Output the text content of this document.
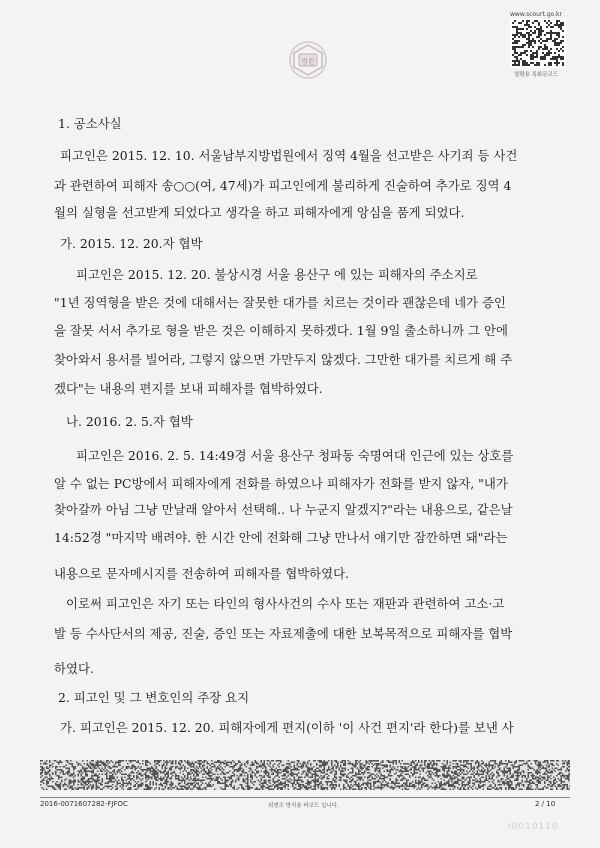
법원
www.scourt.go.kr
열람용 특화문코드
1. 공소사실
피고인은 2015. 12. 10. 서울남부지방법원에서 징역 4월을 선고받은 사기죄 등 사건
과 관련하여 피해자 송○○(여, 47세)가 피고인에게 불리하게 진술하여 추가로 징역 4
월의 실형을 선고받게 되었다고 생각을 하고 피해자에게 앙심을 품게 되었다.
가. 2015. 12. 20.자 협박
피고인은 2015. 12. 20. 불상시경 서울 용산구 에 있는 피해자의 주소지로
"1년 징역형을 받은 것에 대해서는 잘못한 대가를 치르는 것이라 괜찮은데 네가 증인
을 잘못 서서 추가로 형을 받은 것은 이해하지 못하겠다. 1월 9일 출소하니까 그 안에
찾아와서 용서를 빌어라, 그렇지 않으면 가만두지 않겠다. 그만한 대가를 치르게 해 주
겠다"는 내용의 편지를 보내 피해자를 협박하였다.
나. 2016. 2. 5.자 협박
피고인은 2016. 2. 5. 14:49경 서울 용산구 청파동 숙명여대 인근에 있는 상호를
알 수 없는 PC방에서 피해자에게 전화를 하였으나 피해자가 전화를 받지 않자, "내가
찾아갈까 아님 그냥 만날래 알아서 선택해.. 나 누군지 알겠지?"라는 내용으로, 같은날
14:52경 "마지막 배려야. 한 시간 안에 전화해 그냥 만나서 얘기만 잠깐하면 돼"라는
내용으로 문자메시지를 전송하여 피해자를 협박하였다.
이로써 피고인은 자기 또는 타인의 형사사건의 수사 또는 재판과 관련하여 고소·고
발 등 수사단서의 제공, 진술, 증인 또는 자료제출에 대한 보복목적으로 피해자를 협박
하였다.
2. 피고인 및 그 변호인의 주장 요지
가. 피고인은 2015. 12. 20. 피해자에게 편지(이하 '이 사건 편지'라 한다)를 보낸 사
2016-0071607282-FJFOC	위변조 방지용 바코드 입니다.	2 / 10
I0010110
